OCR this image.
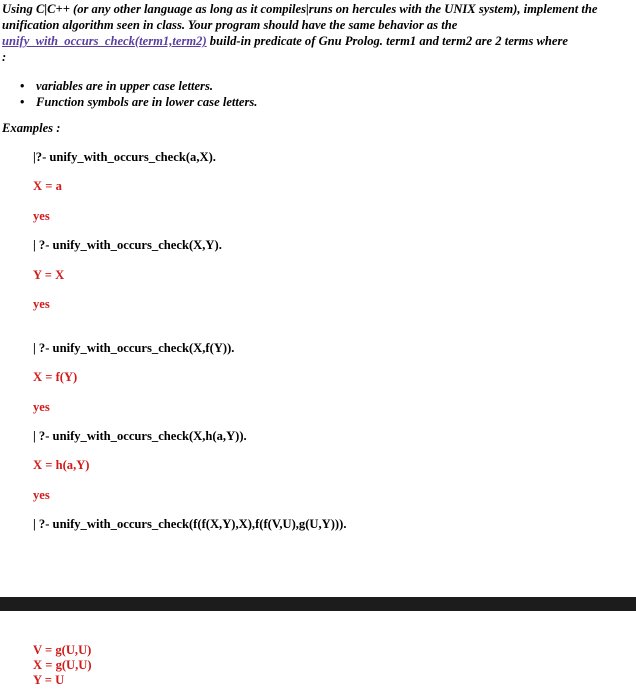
Using C|C++ (or any other language as long as it compiles|runs on hercules with the UNIX system), implement the unification algorithm seen in class. Your program should have the same behavior as the unify_with_occurs_check(term1,term2) build-in predicate of Gnu Prolog. term1 and term2 are 2 terms where
:
• variables are in upper case letters.
• Function symbols are in lower case letters.
Examples :
|?- unify_with_occurs_check(a,X).
X = a
yes
| ?- unify_with_occurs_check(X,Y).
Y = X
yes
| ?- unify_with_occurs_check(X,f(Y)).
X = f(Y)
yes
| ?- unify_with_occurs_check(X,h(a,Y)).
X = h(a,Y)
yes
| ?- unify_with_occurs_check(f(f(X,Y),X),f(f(V,U),g(U,Y))).
V = g(U,U)
X = g(U,U)
Y = U
